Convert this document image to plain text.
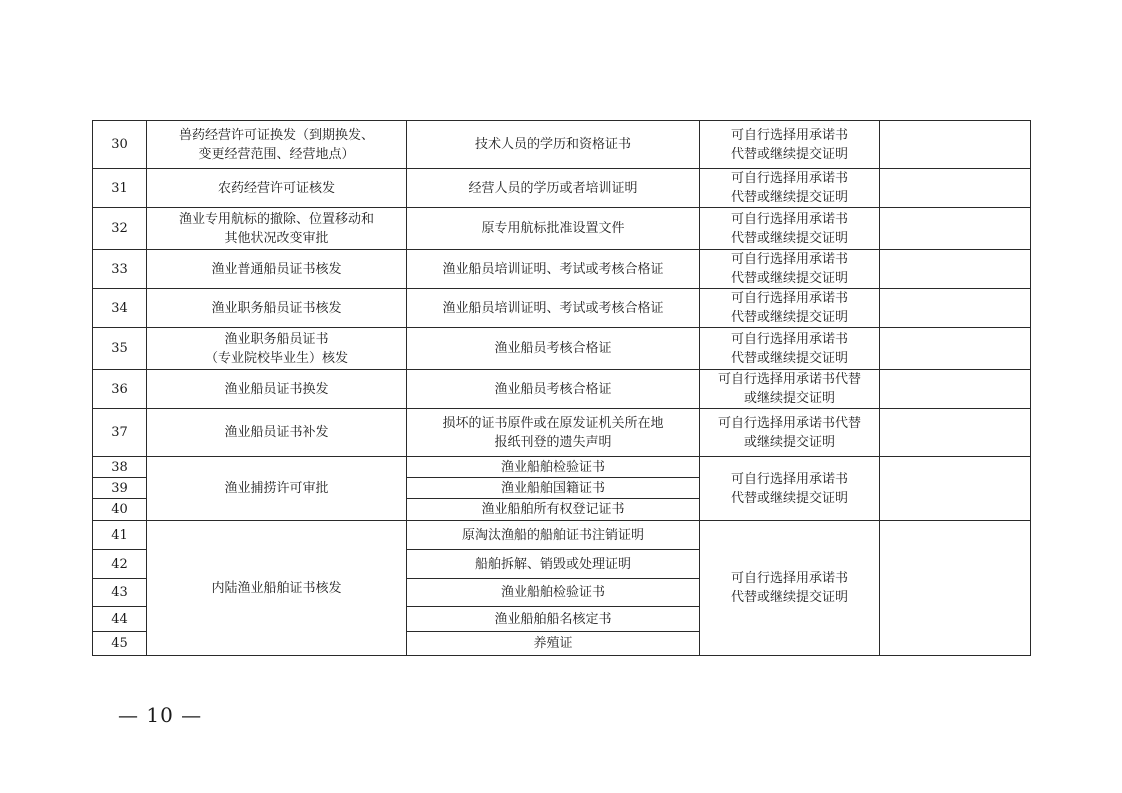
30	兽药经营许可证换发（到期换发、
变更经营范围、经营地点）	技术人员的学历和资格证书	可自行选择用承诺书
代替或继续提交证明	

31	农药经营许可证核发	经营人员的学历或者培训证明	可自行选择用承诺书
代替或继续提交证明	

32	渔业专用航标的撤除、位置移动和
其他状况改变审批	原专用航标批准设置文件	可自行选择用承诺书
代替或继续提交证明	

33	渔业普通船员证书核发	渔业船员培训证明、考试或考核合格证	可自行选择用承诺书
代替或继续提交证明	

34	渔业职务船员证书核发	渔业船员培训证明、考试或考核合格证	可自行选择用承诺书
代替或继续提交证明	

35	渔业职务船员证书
（专业院校毕业生）核发	渔业船员考核合格证	可自行选择用承诺书
代替或继续提交证明	

36	渔业船员证书换发	渔业船员考核合格证	可自行选择用承诺书代替
或继续提交证明	

37	渔业船员证书补发	损坏的证书原件或在原发证机关所在地
报纸刊登的遗失声明	可自行选择用承诺书代替
或继续提交证明	

38	渔业捕捞许可审批	渔业船舶检验证书	可自行选择用承诺书
代替或继续提交证明	

39		渔业船舶国籍证书		
40		渔业船舶所有权登记证书		
41	内陆渔业船舶证书核发	原淘汰渔船的船舶证书注销证明	可自行选择用承诺书
代替或继续提交证明	

42		船舶拆解、销毁或处理证明		
43		渔业船舶检验证书		
44		渔业船舶船名核定书		
45		养殖证		
— 10 —
